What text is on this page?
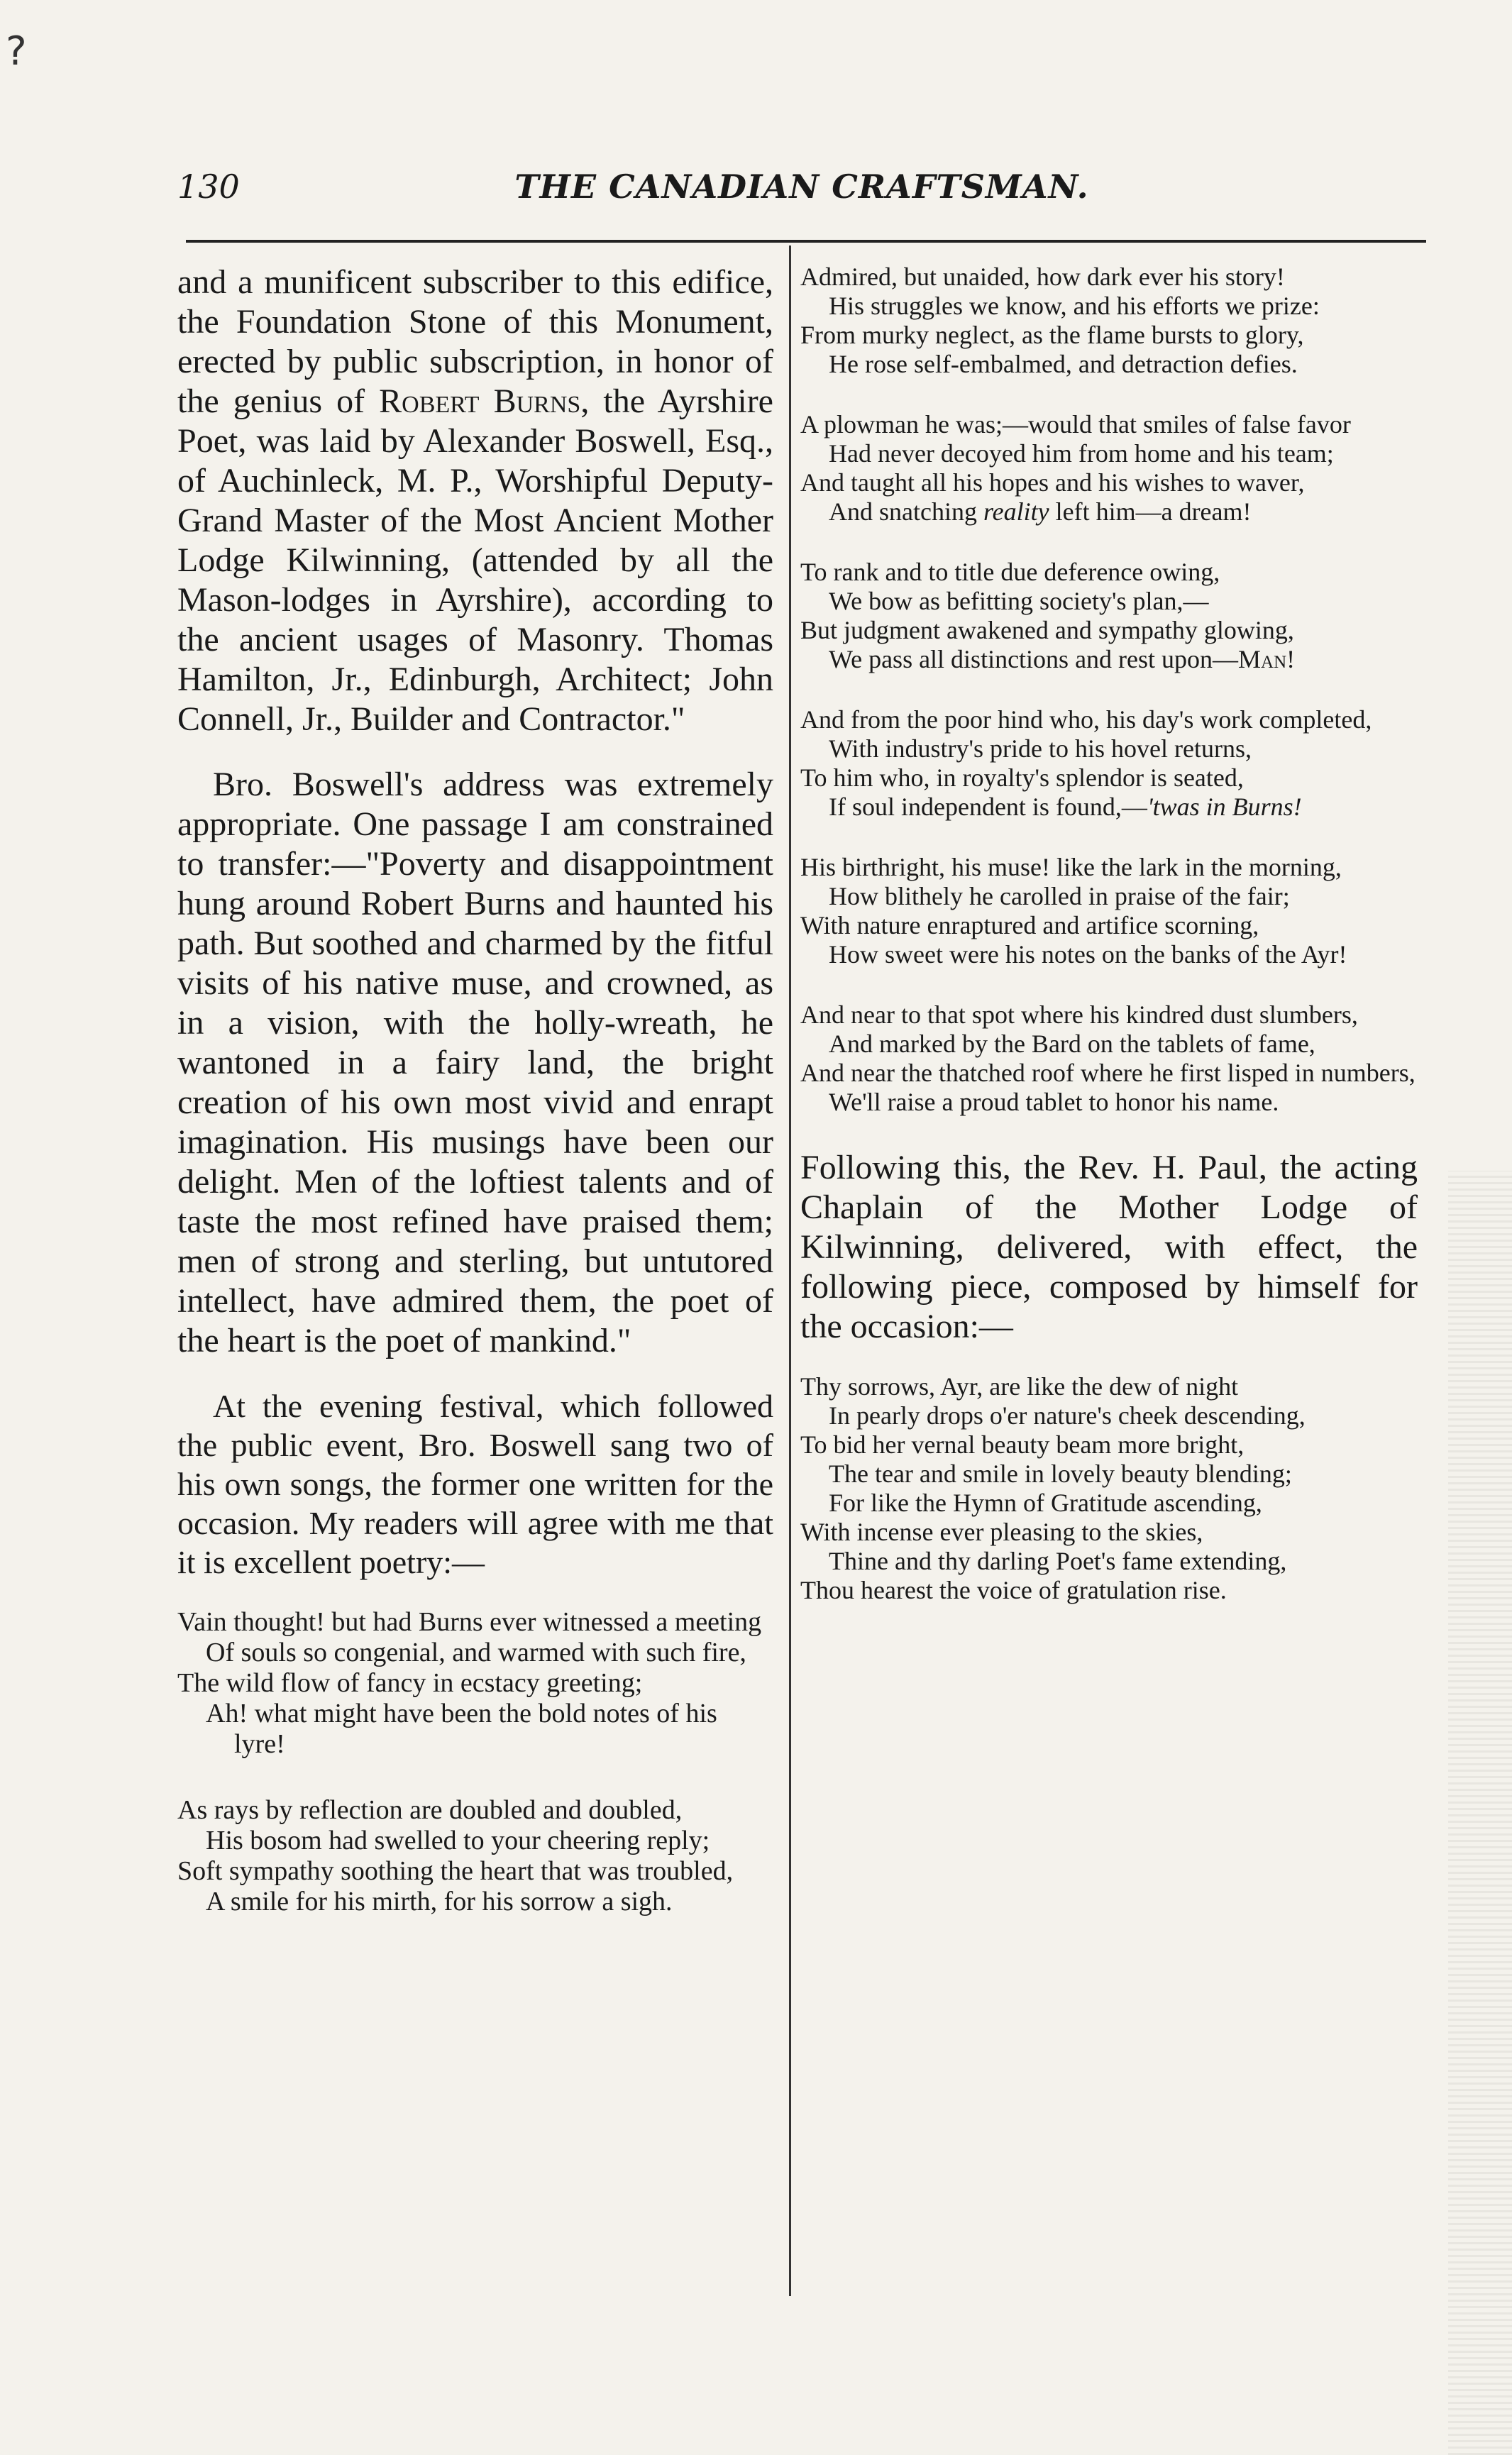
?
130	THE CANADIAN CRAFTSMAN.

and a munificent subscriber to this edifice, the Foundation Stone of this Monument, erected by public subscription, in honor of the genius of Robert Burns, the Ayrshire Poet, was laid by Alexander Boswell, Esq., of Auchinleck, M. P., Worshipful Deputy-Grand Master of the Most Ancient Mother Lodge Kilwinning, (attended by all the Mason-lodges in Ayrshire), according to the ancient usages of Masonry. Thomas Hamilton, Jr., Edinburgh, Architect; John Connell, Jr., Builder and Contractor."

Bro. Boswell's address was extremely appropriate. One passage I am constrained to transfer:—"Poverty and disappointment hung around Robert Burns and haunted his path. But soothed and charmed by the fitful visits of his native muse, and crowned, as in a vision, with the holly-wreath, he wantoned in a fairy land, the bright creation of his own most vivid and enrapt imagination. His musings have been our delight. Men of the loftiest talents and of taste the most refined have praised them; men of strong and sterling, but untutored intellect, have admired them, the poet of the heart is the poet of mankind."

At the evening festival, which followed the public event, Bro. Boswell sang two of his own songs, the former one written for the occasion. My readers will agree with me that it is excellent poetry:—

Vain thought! but had Burns ever witnessed a meeting

Of souls so congenial, and warmed with such fire,

The wild flow of fancy in ecstacy greeting;

Ah! what might have been the bold notes of his lyre!

As rays by reflection are doubled and doubled,

His bosom had swelled to your cheering reply;

Soft sympathy soothing the heart that was troubled,

A smile for his mirth, for his sorrow a sigh.

Admired, but unaided, how dark ever his story!

His struggles we know, and his efforts we prize:

From murky neglect, as the flame bursts to glory,

He rose self-embalmed, and detraction defies.

A plowman he was;—would that smiles of false favor

Had never decoyed him from home and his team;

And taught all his hopes and his wishes to waver,

And snatching reality left him—a dream!

To rank and to title due deference owing,

We bow as befitting society's plan,—

But judgment awakened and sympathy glowing,

We pass all distinctions and rest upon—Man!

And from the poor hind who, his day's work completed,

With industry's pride to his hovel returns,

To him who, in royalty's splendor is seated,

If soul independent is found,—'twas in Burns!

His birthright, his muse! like the lark in the morning,

How blithely he carolled in praise of the fair;

With nature enraptured and artifice scorning,

How sweet were his notes on the banks of the Ayr!

And near to that spot where his kindred dust slumbers,

And marked by the Bard on the tablets of fame,

And near the thatched roof where he first lisped in numbers,

We'll raise a proud tablet to honor his name.

Following this, the Rev. H. Paul, the acting Chaplain of the Mother Lodge of Kilwinning, delivered, with effect, the following piece, composed by himself for the occasion:—

Thy sorrows, Ayr, are like the dew of night

In pearly drops o'er nature's cheek descending,

To bid her vernal beauty beam more bright,

The tear and smile in lovely beauty blending;

For like the Hymn of Gratitude ascending,

With incense ever pleasing to the skies,

Thine and thy darling Poet's fame extending,

Thou hearest the voice of gratulation rise.
